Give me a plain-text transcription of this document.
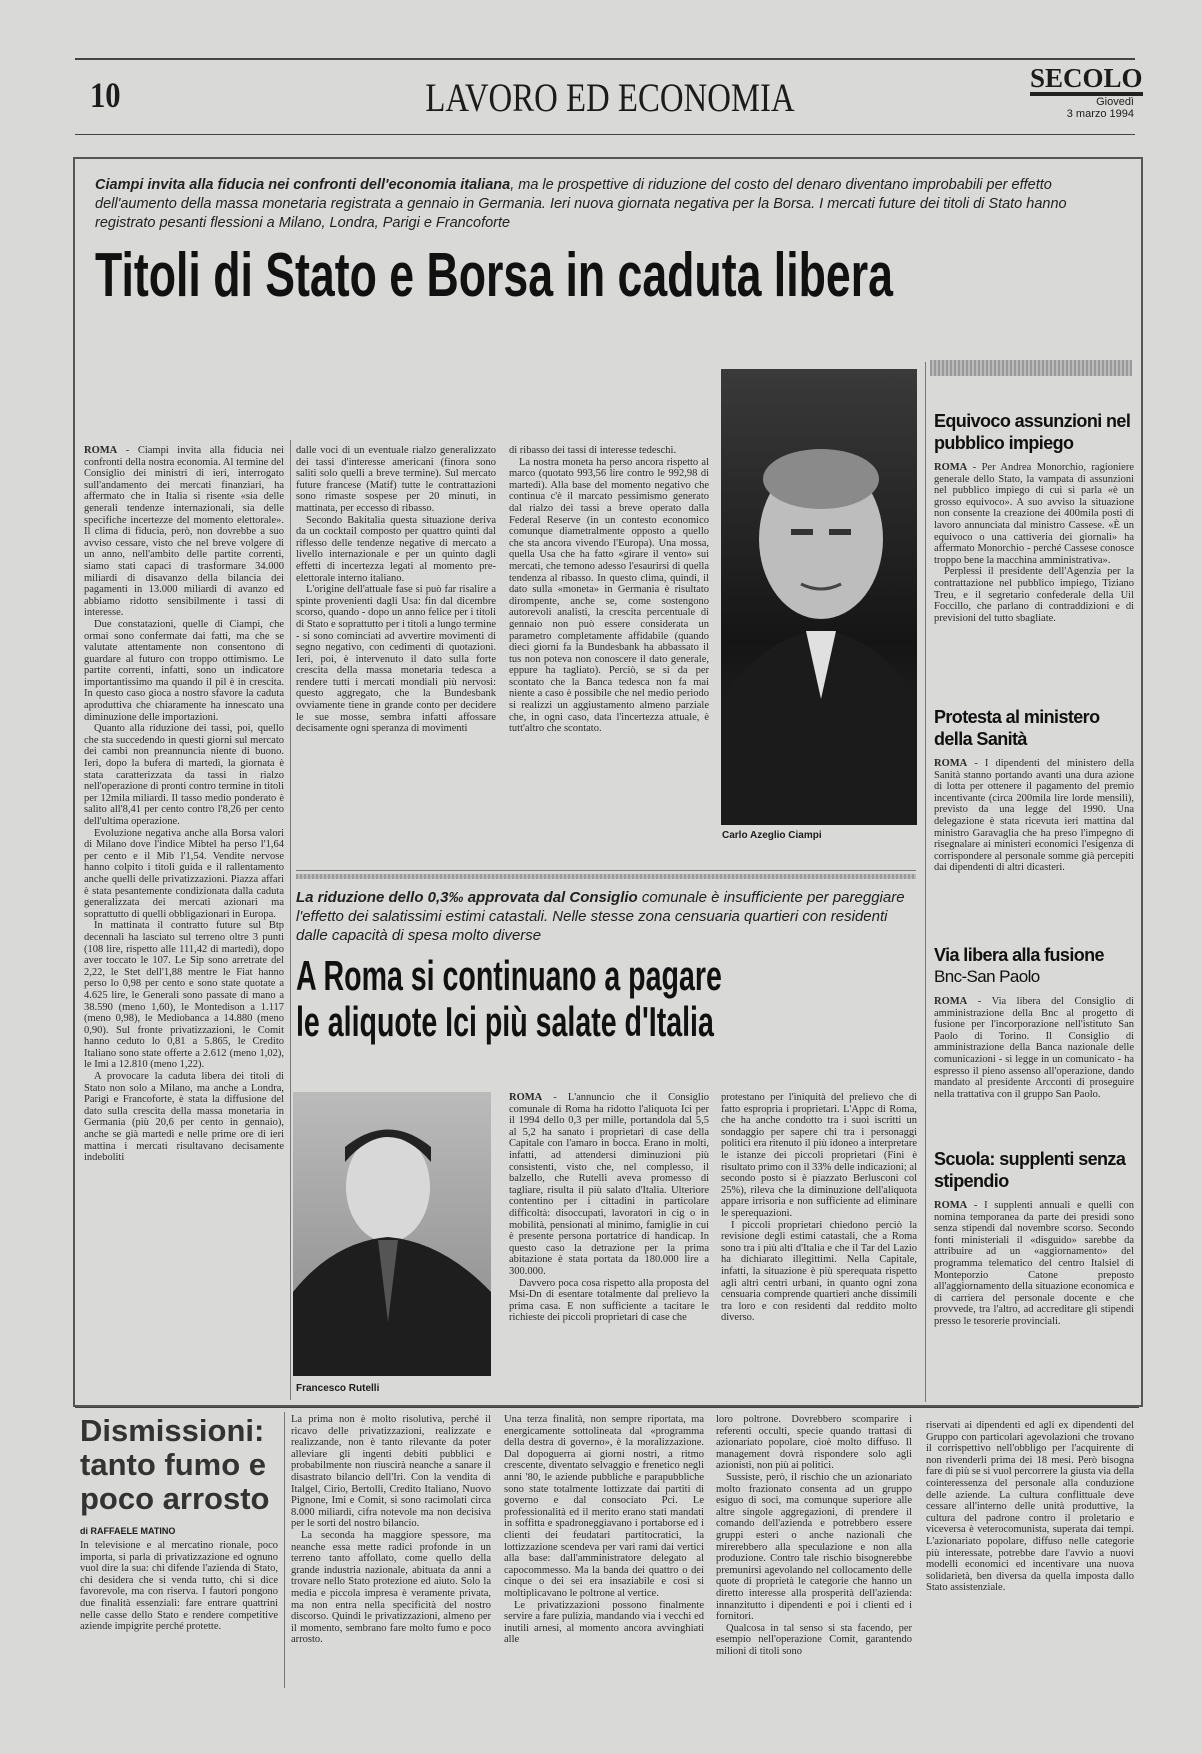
10	LAVORO ED ECONOMIA	SECOLO
Giovedì
3 marzo 1994
Ciampi invita alla fiducia nei confronti dell'economia italiana, ma le prospettive di riduzione del costo del denaro diventano improbabili per effetto dell'aumento della massa monetaria registrata a gennaio in Germania. Ieri nuova giornata negativa per la Borsa. I mercati future dei titoli di Stato hanno registrato pesanti flessioni a Milano, Londra, Parigi e Francoforte
Titoli di Stato e Borsa in caduta libera

ROMA - Ciampi invita alla fiducia nei confronti della nostra economia. Al termine del Consiglio dei ministri di ieri, interrogato sull'andamento dei mercati finanziari, ha affermato che in Italia si risente «sia delle generali tendenze internazionali, sia delle specifiche incertezze del momento elettorale». Il clima di fiducia, però, non dovrebbe a suo avviso cessare, visto che nel breve volgere di un anno, nell'ambito delle partite correnti, siamo stati capaci di trasformare 34.000 miliardi di disavanzo della bilancia dei pagamenti in 13.000 miliardi di avanzo ed abbiamo ridotto sensibilmente i tassi di interesse.

Due constatazioni, quelle di Ciampi, che ormai sono confermate dai fatti, ma che se valutate attentamente non consentono di guardare al futuro con troppo ottimismo. Le partite correnti, infatti, sono un indicatore importantissimo ma quando il pil è in crescita. In questo caso gioca a nostro sfavore la caduta aproduttiva che chiaramente ha innescato una diminuzione delle importazioni.

Quanto alla riduzione dei tassi, poi, quello che sta succedendo in questi giorni sul mercato dei cambi non preannuncia niente di buono. Ieri, dopo la bufera di martedì, la giornata è stata caratterizzata da tassi in rialzo nell'operazione di pronti contro termine in titoli per 12mila miliardi. Il tasso medio ponderato è salito all'8,41 per cento contro l'8,26 per cento dell'ultima operazione.

Evoluzione negativa anche alla Borsa valori di Milano dove l'indice Mibtel ha perso l'1,64 per cento e il Mib l'1,54. Vendite nervose hanno colpito i titoli guida e il rallentamento anche quelli delle privatizzazioni. Piazza affari è stata pesantemente condizionata dalla caduta generalizzata dei mercati azionari ma soprattutto di quelli obbligazionari in Europa.

In mattinata il contratto future sul Btp decennali ha lasciato sul terreno oltre 3 punti (108 lire, rispetto alle 111,42 di martedì), dopo aver toccato le 107. Le Sip sono arretrate del 2,22, le Stet dell'1,88 mentre le Fiat hanno perso lo 0,98 per cento e sono state quotate a 4.625 lire, le Generali sono passate di mano a 38.590 (meno 1,60), le Montedison a 1.117 (meno 0,98), le Mediobanca a 14.880 (meno 0,90). Sul fronte privatizzazioni, le Comit hanno ceduto lo 0,81 a 5.865, le Credito Italiano sono state offerte a 2.612 (meno 1,02), le Imi a 12.810 (meno 1,22).

A provocare la caduta libera dei titoli di Stato non solo a Milano, ma anche a Londra, Parigi e Francoforte, è stata la diffusione del dato sulla crescita della massa monetaria in Germania (più 20,6 per cento in gennaio), anche se già martedì e nelle prime ore di ieri mattina i mercati risultavano decisamente indeboliti

dalle voci di un eventuale rialzo generalizzato dei tassi d'interesse americani (finora sono saliti solo quelli a breve termine). Sul mercato future francese (Matif) tutte le contrattazioni sono rimaste sospese per 20 minuti, in mattinata, per eccesso di ribasso.

Secondo Bakitalia questa situazione deriva da un cocktail composto per quattro quinti dal riflesso delle tendenze negative di mercato a livello internazionale e per un quinto dagli effetti di incertezza legati al momento pre-elettorale interno italiano.

L'origine dell'attuale fase si può far risalire a spinte provenienti dagli Usa: fin dal dicembre scorso, quando - dopo un anno felice per i titoli di Stato e soprattutto per i titoli a lungo termine - si sono cominciati ad avvertire movimenti di segno negativo, con cedimenti di quotazioni. Ieri, poi, è intervenuto il dato sulla forte crescita della massa monetaria tedesca a rendere tutti i mercati mondiali più nervosi: questo aggregato, che la Bundesbank ovviamente tiene in grande conto per decidere le sue mosse, sembra infatti affossare decisamente ogni speranza di movimenti

di ribasso dei tassi di interesse tedeschi.

La nostra moneta ha perso ancora rispetto al marco (quotato 993,56 lire contro le 992,98 di martedì). Alla base del momento negativo che continua c'è il marcato pessimismo generato dal rialzo dei tassi a breve operato dalla Federal Reserve (in un contesto economico comunque diametralmente opposto a quello che sta ancora vivendo l'Europa). Una mossa, quella Usa che ha fatto «girare il vento» sui mercati, che temono adesso l'esaurirsi di quella tendenza al ribasso. In questo clima, quindi, il dato sulla «moneta» in Germania è risultato dirompente, anche se, come sostengono autorevoli analisti, la crescita percentuale di gennaio non può essere considerata un parametro completamente affidabile (quando dieci giorni fa la Bundesbank ha abbassato il tus non poteva non conoscere il dato generale, eppure ha tagliato). Perciò, se si da per scontato che la Banca tedesca non fa mai niente a caso è possibile che nel medio periodo si realizzi un aggiustamento almeno parziale che, in ogni caso, data l'incertezza attuale, è tutt'altro che scontato.

Carlo Azeglio Ciampi
Equivoco assunzioni nel pubblico impiego

ROMA - Per Andrea Monorchio, ragioniere generale dello Stato, la vampata di assunzioni nel pubblico impiego di cui si parla «è un grosso equivoco». A suo avviso la situazione non consente la creazione dei 400mila posti di lavoro annunciata dal ministro Cassese. «È un equivoco o una cattiveria dei giornali» ha affermato Monorchio - perché Cassese conosce troppo bene la macchina amministrativa».

Perplessi il presidente dell'Agenzia per la contrattazione nel pubblico impiego, Tiziano Treu, e il segretario confederale della Uil Foccillo, che parlano di contraddizioni e di previsioni del tutto sbagliate.

Protesta al ministero della Sanità

ROMA - I dipendenti del ministero della Sanità stanno portando avanti una dura azione di lotta per ottenere il pagamento del premio incentivante (circa 200mila lire lorde mensili), previsto da una legge del 1990. Una delegazione è stata ricevuta ieri mattina dal ministro Garavaglia che ha preso l'impegno di risegnalare ai ministeri economici l'esigenza di corrispondere al personale somme già percepiti dai dipendenti di altri dicasteri.

Via libera alla fusione
Bnc-San Paolo

ROMA - Via libera del Consiglio di amministrazione della Bnc al progetto di fusione per l'incorporazione nell'istituto San Paolo di Torino. Il Consiglio di amministrazione della Banca nazionale delle comunicazioni - si legge in un comunicato - ha espresso il pieno assenso all'operazione, dando mandato al presidente Arcconti di proseguire nella trattativa con il gruppo San Paolo.

Scuola: supplenti senza stipendio

ROMA - I supplenti annuali e quelli con nomina temporanea da parte dei presidi sono senza stipendi dal novembre scorso. Secondo fonti ministeriali il «disguido» sarebbe da attribuire ad un «aggiornamento» del programma telematico del centro Italsiel di Monteporzio Catone preposto all'aggiornamento della situazione economica e di carriera del personale docente e che provvede, tra l'altro, ad accreditare gli stipendi presso le tesorerie provinciali.

La riduzione dello 0,3‰ approvata dal Consiglio comunale è insufficiente per pareggiare l'effetto dei salatissimi estimi catastali. Nelle stesse zona censuaria quartieri con residenti dalle capacità di spesa molto diverse
A Roma si continuano a pagare
le aliquote Ici più salate d'Italia
Francesco Rutelli

ROMA - L'annuncio che il Consiglio comunale di Roma ha ridotto l'aliquota Ici per il 1994 dello 0,3 per mille, portandola dal 5,5 al 5,2 ha sanato i proprietari di case della Capitale con l'amaro in bocca. Erano in molti, infatti, ad attendersi diminuzioni più consistenti, visto che, nel complesso, il balzello, che Rutelli aveva promesso di tagliare, risulta il più salato d'Italia. Ulteriore contentino per i cittadini in particolare difficoltà: disoccupati, lavoratori in cig o in mobilità, pensionati al minimo, famiglie in cui è presente persona portatrice di handicap. In questo caso la detrazione per la prima abitazione è stata portata da 180.000 lire a 300.000.

Davvero poca cosa rispetto alla proposta del Msi-Dn di esentare totalmente dal prelievo la prima casa. E non sufficiente a tacitare le richieste dei piccoli proprietari di case che

protestano per l'iniquità del prelievo che di fatto espropria i proprietari. L'Appc di Roma, che ha anche condotto tra i suoi iscritti un sondaggio per sapere chi tra i personaggi politici era ritenuto il più idoneo a interpretare le istanze dei piccoli proprietari (Fini è risultato primo con il 33% delle indicazioni; al secondo posto si è piazzato Berlusconi col 25%), rileva che la diminuzione dell'aliquota appare irrisoria e non sufficiente ad eliminare le sperequazioni.

I piccoli proprietari chiedono perciò la revisione degli estimi catastali, che a Roma sono tra i più alti d'Italia e che il Tar del Lazio ha dichiarato illegittimi. Nella Capitale, infatti, la situazione è più sperequata rispetto agli altri centri urbani, in quanto ogni zona censuaria comprende quartieri anche dissimili tra loro e con residenti dal reddito molto diverso.

Dismissioni: tanto fumo e poco arrosto
di RAFFAELE MATINO
In televisione e al mercatino rionale, poco importa, si parla di privatizzazione ed ognuno vuol dire la sua: chi difende l'azienda di Stato, chi desidera che si venda tutto, chi si dice favorevole, ma con riserva. I fautori pongono due finalità essenziali: fare entrare quattrini nelle casse dello Stato e rendere competitive aziende impigrite perché protette.

La prima non è molto risolutiva, perché il ricavo delle privatizzazioni, realizzate e realizzande, non è tanto rilevante da poter alleviare gli ingenti debiti pubblici e probabilmente non riuscirà neanche a sanare il disastrato bilancio dell'Iri. Con la vendita di Italgel, Cirio, Bertolli, Credito Italiano, Nuovo Pignone, Imi e Comit, si sono racimolati circa 8.000 miliardi, cifra notevole ma non decisiva per le sorti del nostro bilancio.

La seconda ha maggiore spessore, ma neanche essa mette radici profonde in un terreno tanto affollato, come quello della grande industria nazionale, abituata da anni a trovare nello Stato protezione ed aiuto. Solo la media e piccola impresa è veramente privata, ma non entra nella specificità del nostro discorso. Quindi le privatizzazioni, almeno per il momento, sembrano fare molto fumo e poco arrosto.

Una terza finalità, non sempre riportata, ma energicamente sottolineata dal «programma della destra di governo», è la moralizzazione. Dal dopoguerra ai giorni nostri, a ritmo crescente, diventato selvaggio e frenetico negli anni '80, le aziende pubbliche e parapubbliche sono state totalmente lottizzate dai partiti di governo e dal consociato Pci. Le professionalità ed il merito erano stati mandati in soffitta e spadroneggiavano i portaborse ed i clienti dei feudatari partitocratici, la lottizzazione scendeva per vari rami dai vertici alla base: dall'amministratore delegato al capocommesso. Ma la banda dei quattro o dei cinque o dei sei era insaziabile e così si moltiplicavano le poltrone al vertice.

Le privatizzazioni possono finalmente servire a fare pulizia, mandando via i vecchi ed inutili arnesi, al momento ancora avvinghiati alle

loro poltrone. Dovrebbero scomparire i referenti occulti, specie quando trattasi di azionariato popolare, cioè molto diffuso. Il management dovrà rispondere solo agli azionisti, non più ai politici.

Sussiste, però, il rischio che un azionariato molto frazionato consenta ad un gruppo esiguo di soci, ma comunque superiore alle altre singole aggregazioni, di prendere il comando dell'azienda e potrebbero essere gruppi esteri o anche nazionali che mirerebbero alla speculazione e non alla produzione. Contro tale rischio bisognerebbe premunirsi agevolando nel collocamento delle quote di proprietà le categorie che hanno un diretto interesse alla prosperità dell'azienda: innanzitutto i dipendenti e poi i clienti ed i fornitori.

Qualcosa in tal senso si sta facendo, per esempio nell'operazione Comit, garantendo milioni di titoli sono

riservati ai dipendenti ed agli ex dipendenti del Gruppo con particolari agevolazioni che trovano il corrispettivo nell'obbligo per l'acquirente di non rivenderli prima dei 18 mesi. Però bisogna fare di più se si vuol percorrere la giusta via della cointeressenza del personale alla conduzione delle aziende. La cultura conflittuale deve cessare all'interno delle unità produttive, la cultura del padrone contro il proletario e viceversa è veterocomunista, superata dai tempi. L'azionariato popolare, diffuso nelle categorie più interessate, potrebbe dare l'avvio a nuovi modelli economici ed incentivare una nuova solidarietà, ben diversa da quella imposta dallo Stato assistenziale.
